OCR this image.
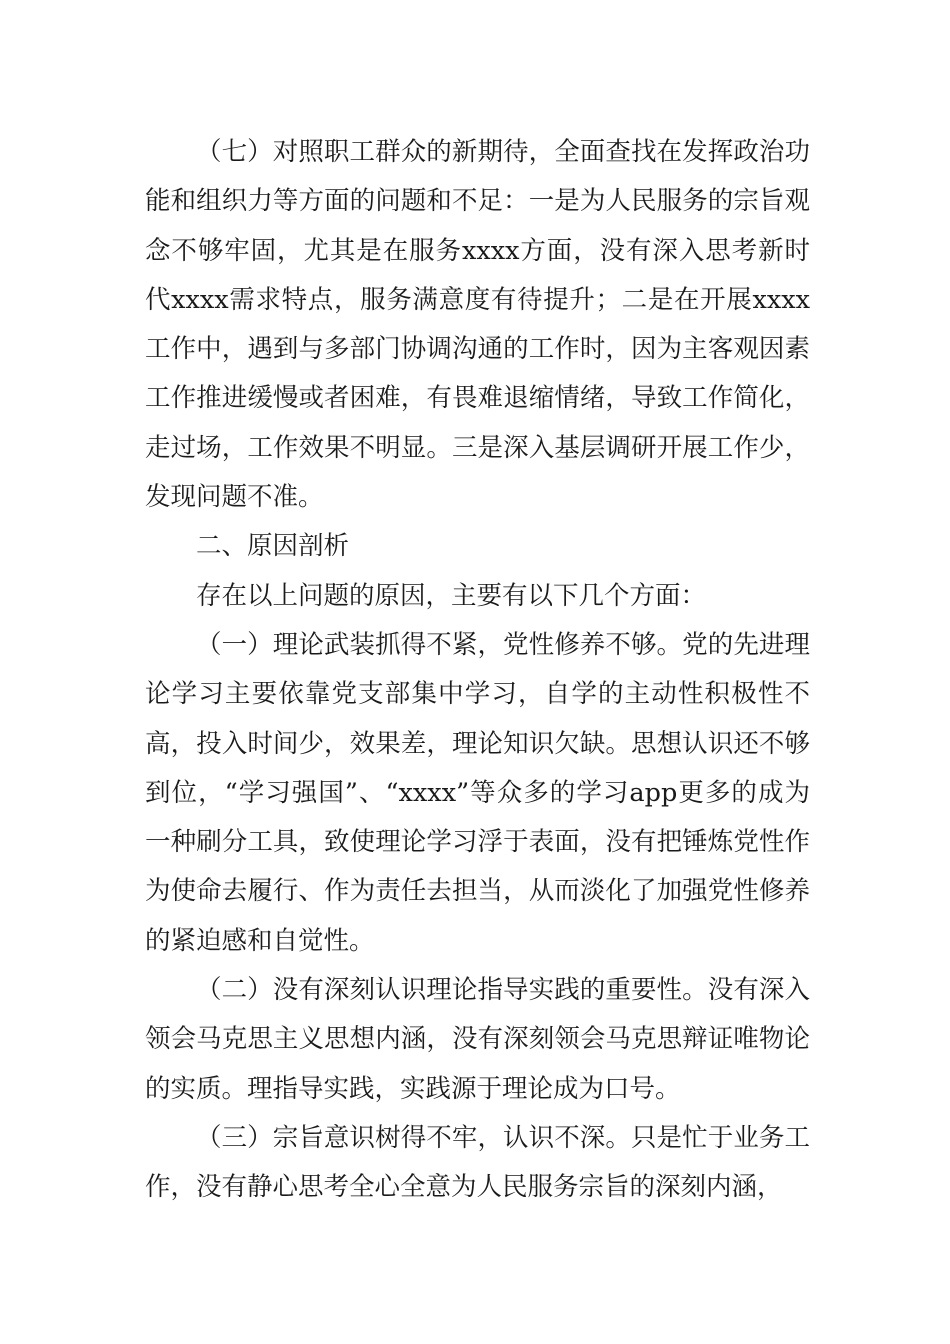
（七）对照职工群众的新期待，全面查找在发挥政治功能和组织力等方面的问题和不足：一是为人民服务的宗旨观念不够牢固，尤其是在服务xxxx方面，没有深入思考新时代xxxx需求特点，服务满意度有待提升；二是在开展xxxx工作中，遇到与多部门协调沟通的工作时，因为主客观因素工作推进缓慢或者困难，有畏难退缩情绪，导致工作简化，走过场，工作效果不明显。三是深入基层调研开展工作少，发现问题不准。

二、原因剖析

存在以上问题的原因，主要有以下几个方面：

（一）理论武装抓得不紧，党性修养不够。党的先进理论学习主要依靠党支部集中学习，自学的主动性积极性不高，投入时间少，效果差，理论知识欠缺。思想认识还不够到位，“学习强国”、“xxxx”等众多的学习app更多的成为一种刷分工具，致使理论学习浮于表面，没有把锤炼党性作为使命去履行、作为责任去担当，从而淡化了加强党性修养的紧迫感和自觉性。

（二）没有深刻认识理论指导实践的重要性。没有深入领会马克思主义思想内涵，没有深刻领会马克思辩证唯物论的实质。理指导实践，实践源于理论成为口号。

（三）宗旨意识树得不牢，认识不深。只是忙于业务工作，没有静心思考全心全意为人民服务宗旨的深刻内涵，
